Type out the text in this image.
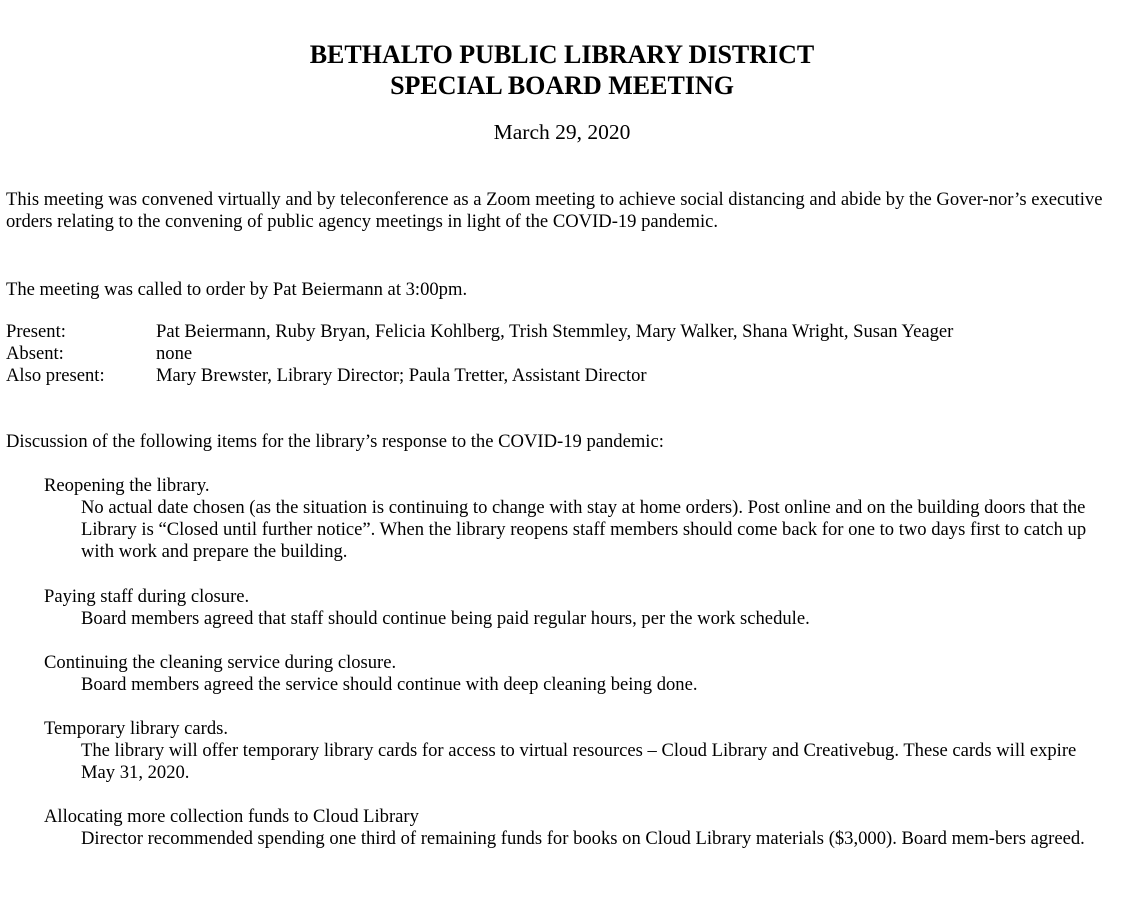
BETHALTO PUBLIC LIBRARY DISTRICT
SPECIAL BOARD MEETING
March 29, 2020

This meeting was convened virtually and by teleconference as a Zoom meeting to achieve social distancing and abide by the Gover-nor’s executive orders relating to the convening of public agency meetings in light of the COVID-19 pandemic.

The meeting was called to order by Pat Beiermann at 3:00pm.

Present:	Pat Beiermann, Ruby Bryan, Felicia Kohlberg, Trish Stemmley, Mary Walker, Shana Wright, Susan Yeager
Absent:	none
Also present:	Mary Brewster, Library Director; Paula Tretter, Assistant Director

Discussion of the following items for the library’s response to the COVID-19 pandemic:

Reopening the library.

No actual date chosen (as the situation is continuing to change with stay at home orders). Post online and on the building doors that the Library is “Closed until further notice”. When the library reopens staff members should come back for one to two days first to catch up with work and prepare the building.

Paying staff during closure.

Board members agreed that staff should continue being paid regular hours, per the work schedule.

Continuing the cleaning service during closure.

Board members agreed the service should continue with deep cleaning being done.

Temporary library cards.

The library will offer temporary library cards for access to virtual resources – Cloud Library and Creativebug. These cards will expire May 31, 2020.

Allocating more collection funds to Cloud Library

Director recommended spending one third of remaining funds for books on Cloud Library materials ($3,000). Board mem-bers agreed.
